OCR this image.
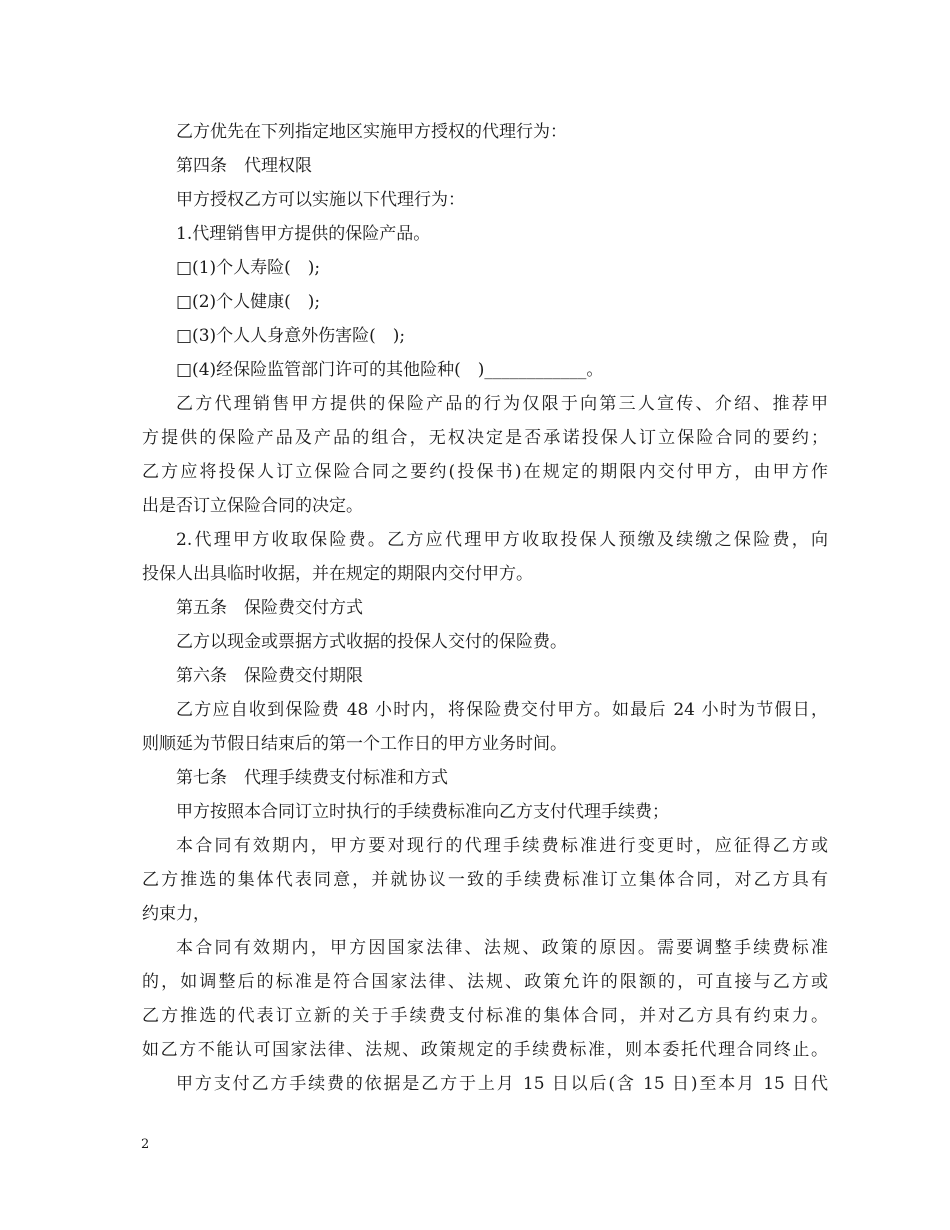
乙方优先在下列指定地区实施甲方授权的代理行为：
第四条　代理权限
甲方授权乙方可以实施以下代理行为：
1.代理销售甲方提供的保险产品。
□(1)个人寿险(　);
□(2)个人健康(　);
□(3)个人人身意外伤害险(　);
□(4)经保险监管部门许可的其他险种(　)____________。
乙方代理销售甲方提供的保险产品的行为仅限于向第三人宣传、介绍、推荐甲
方提供的保险产品及产品的组合，无权决定是否承诺投保人订立保险合同的要约；
乙方应将投保人订立保险合同之要约(投保书)在规定的期限内交付甲方，由甲方作
出是否订立保险合同的决定。
2.代理甲方收取保险费。乙方应代理甲方收取投保人预缴及续缴之保险费，向
投保人出具临时收据，并在规定的期限内交付甲方。
第五条　保险费交付方式
乙方以现金或票据方式收据的投保人交付的保险费。
第六条　保险费交付期限
乙方应自收到保险费 48 小时内，将保险费交付甲方。如最后 24 小时为节假日，
则顺延为节假日结束后的第一个工作日的甲方业务时间。
第七条　代理手续费支付标准和方式
甲方按照本合同订立时执行的手续费标准向乙方支付代理手续费；
本合同有效期内，甲方要对现行的代理手续费标准进行变更时，应征得乙方或
乙方推选的集体代表同意，并就协议一致的手续费标准订立集体合同，对乙方具有
约束力，
本合同有效期内，甲方因国家法律、法规、政策的原因。需要调整手续费标准
的，如调整后的标准是符合国家法律、法规、政策允许的限额的，可直接与乙方或
乙方推选的代表订立新的关于手续费支付标准的集体合同，并对乙方具有约束力。
如乙方不能认可国家法律、法规、政策规定的手续费标准，则本委托代理合同终止。
甲方支付乙方手续费的依据是乙方于上月 15 日以后(含 15 日)至本月 15 日代
2
